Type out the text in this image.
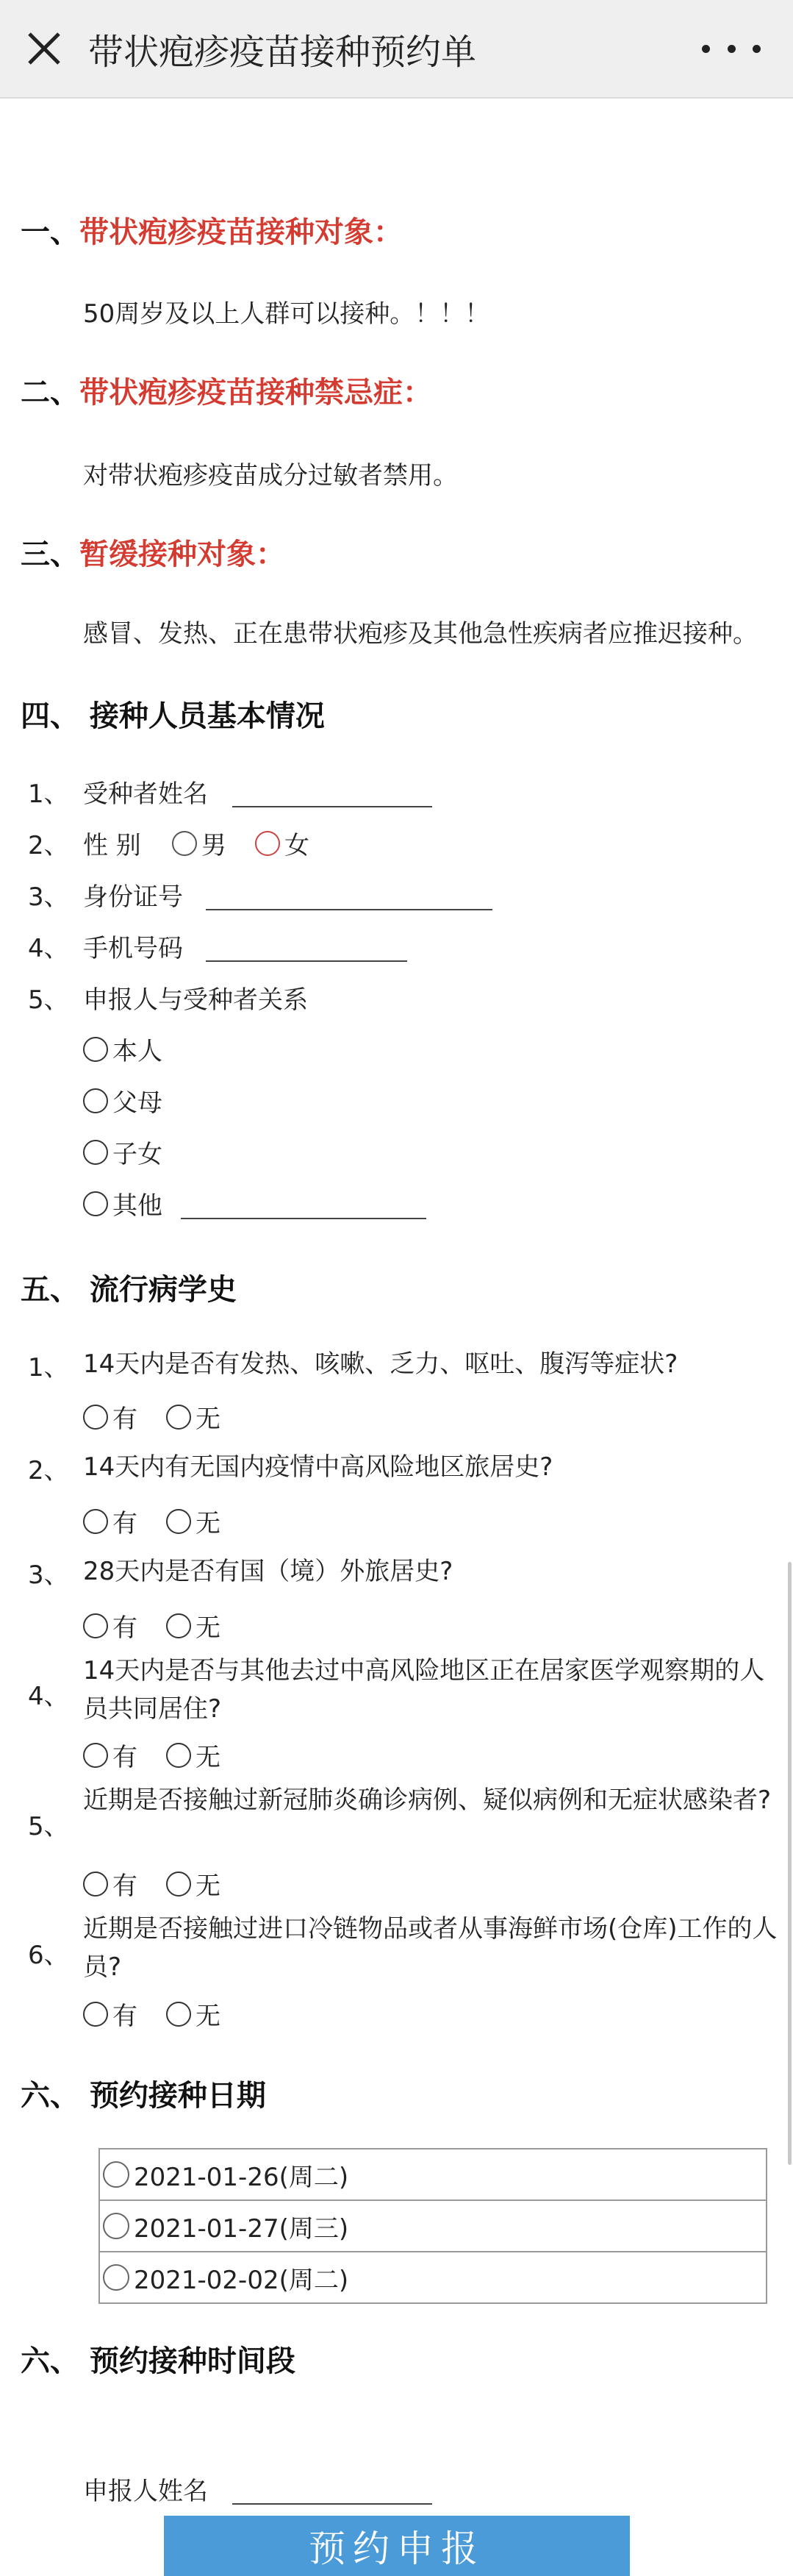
带状疱疹疫苗接种预约单
一、带状疱疹疫苗接种对象：
50周岁及以上人群可以接种。！！！
二、带状疱疹疫苗接种禁忌症：
对带状疱疹疫苗成分过敏者禁用。
三、暂缓接种对象：
感冒、发热、正在患带状疱疹及其他急性疾病者应推迟接种。
四、 接种人员基本情况
1、 受种者姓名
2、 性 别 男 女
3、 身份证号
4、 手机号码
5、 申报人与受种者关系
本人
父母
子女
其他
五、 流行病学史
1、 14天内是否有发热、咳嗽、乏力、呕吐、腹泻等症状?
有 无
2、 14天内有无国内疫情中高风险地区旅居史?
有 无
3、 28天内是否有国（境）外旅居史?
有 无
4、
14天内是否与其他去过中高风险地区正在居家医学观察期的人员共同居住?
有 无
5、
近期是否接触过新冠肺炎确诊病例、疑似病例和无症状感染者?
有 无
6、
近期是否接触过进口冷链物品或者从事海鲜市场(仓库)工作的人员?
有 无
六、 预约接种日期
2021-01-26(周二)
2021-01-27(周三)
2021-02-02(周二)
六、 预约接种时间段
申报人姓名
预约申报
